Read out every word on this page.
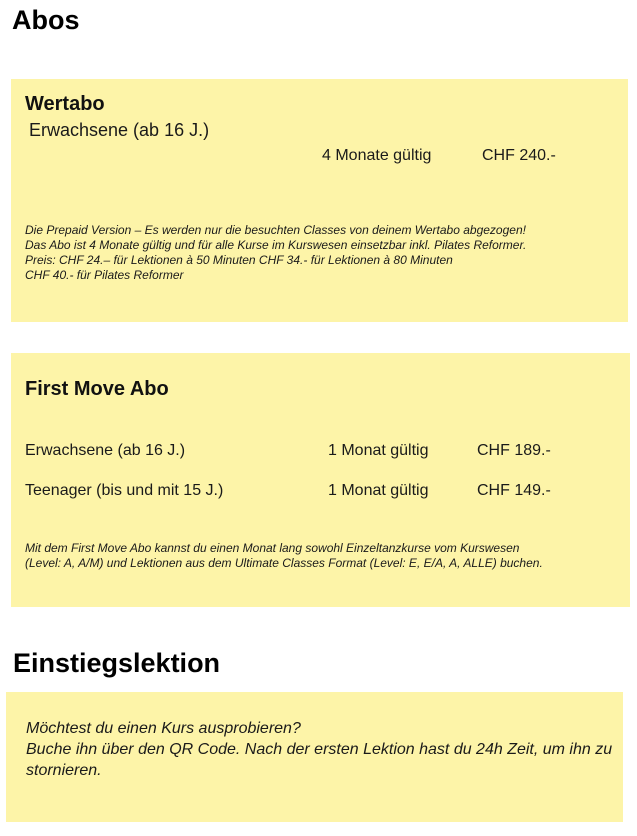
Abos
Wertabo
Erwachsene (ab 16 J.)
4 Monate gültig	CHF 240.-

Die Prepaid Version – Es werden nur die besuchten Classes von deinem Wertabo abgezogen!

Das Abo ist 4 Monate gültig und für alle Kurse im Kurswesen einsetzbar inkl. Pilates Reformer.

Preis: CHF 24.– für Lektionen à 50 Minuten CHF 34.- für Lektionen à 80 Minuten

CHF 40.- für Pilates Reformer

First Move Abo
Erwachsene (ab 16 J.)	1 Monat gültig	CHF 189.-
Teenager (bis und mit 15 J.)	1 Monat gültig	CHF 149.-

Mit dem First Move Abo kannst du einen Monat lang sowohl Einzeltanzkurse vom Kurswesen

(Level: A, A/M) und Lektionen aus dem Ultimate Classes Format (Level: E, E/A, A, ALLE) buchen.

Einstiegslektion

Möchtest du einen Kurs ausprobieren?

Buche ihn über den QR Code. Nach der ersten Lektion hast du 24h Zeit, um ihn zu stornieren.
